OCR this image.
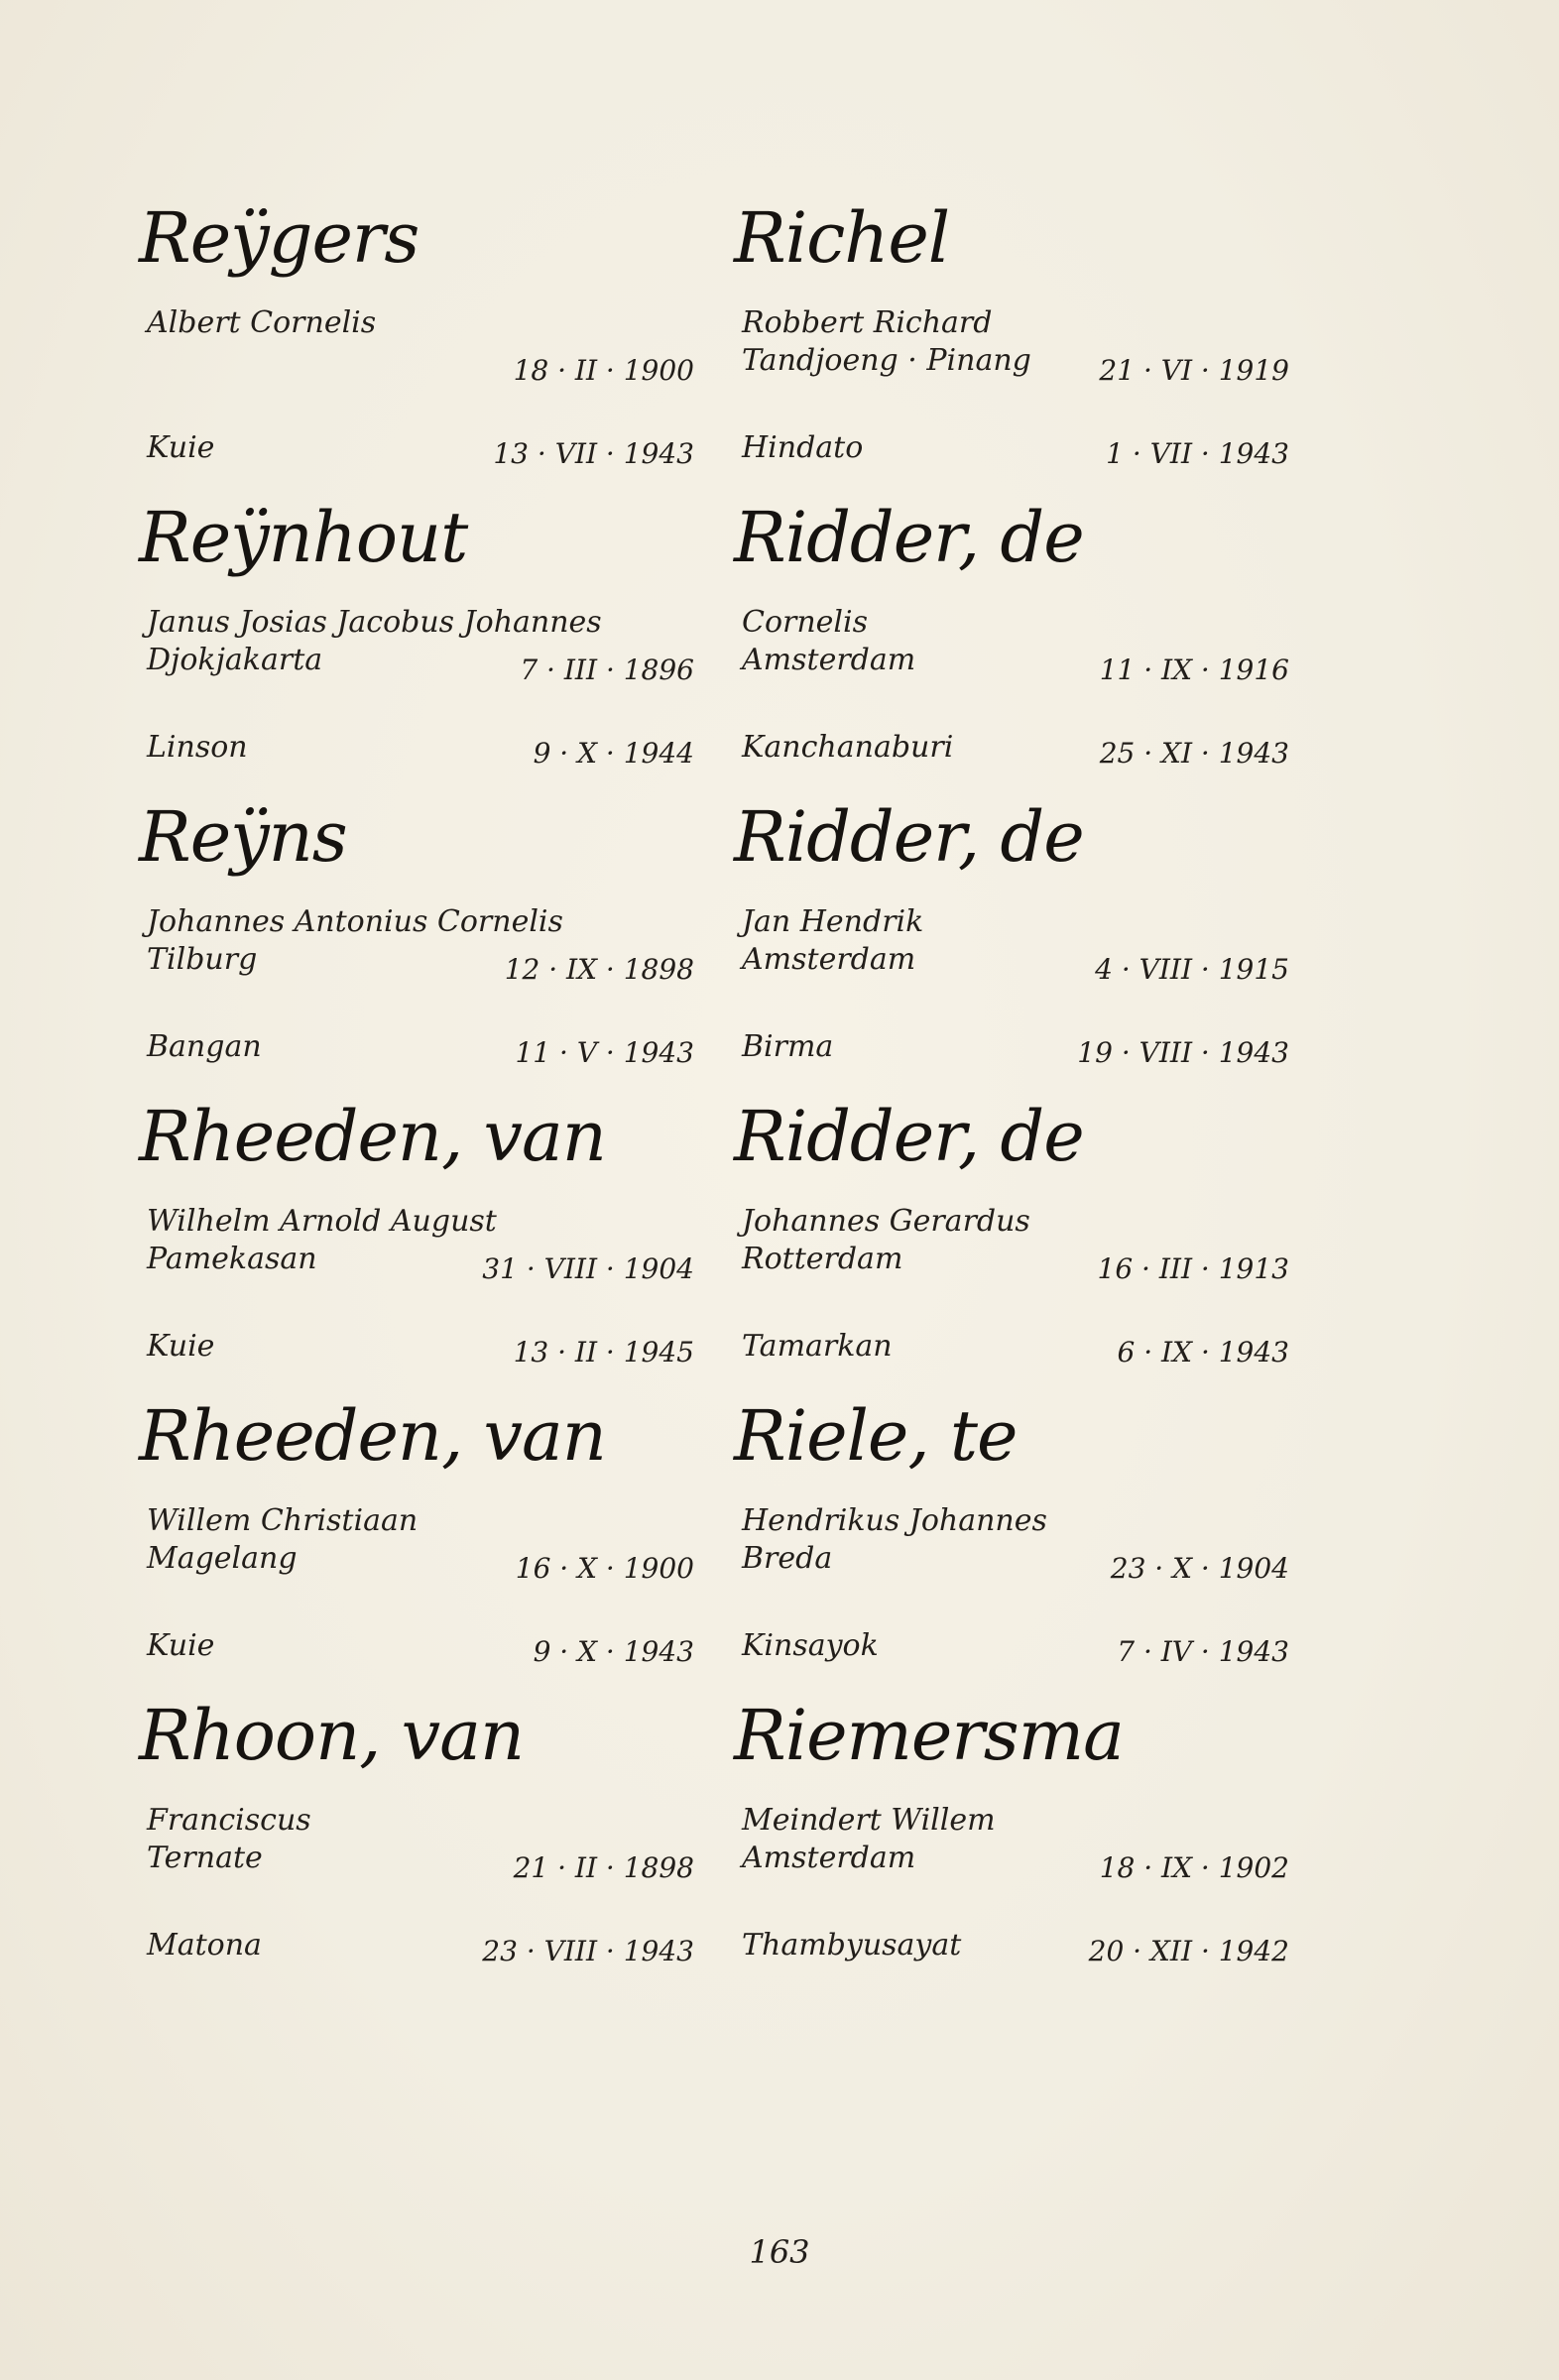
Reÿgers
Albert Cornelis
18 · II · 1900
Kuie	13 · VII · 1943
Reÿnhout
Janus Josias Jacobus Johannes
Djokjakarta	7 · III · 1896
Linson	9 · X · 1944
Reÿns
Johannes Antonius Cornelis
Tilburg	12 · IX · 1898
Bangan	11 · V · 1943
Rheeden, van
Wilhelm Arnold August
Pamekasan	31 · VIII · 1904
Kuie	13 · II · 1945
Rheeden, van
Willem Christiaan
Magelang	16 · X · 1900
Kuie	9 · X · 1943
Rhoon, van
Franciscus
Ternate	21 · II · 1898
Matona	23 · VIII · 1943
Richel
Robbert Richard
Tandjoeng · Pinang 21 · VI · 1919
Hindato	1 · VII · 1943
Ridder, de
Cornelis
Amsterdam	11 · IX · 1916
Kanchanaburi	25 · XI · 1943
Ridder, de
Jan Hendrik
Amsterdam	4 · VIII · 1915
Birma	19 · VIII · 1943
Ridder, de
Johannes Gerardus
Rotterdam	16 · III · 1913
Tamarkan	6 · IX · 1943
Riele, te
Hendrikus Johannes
Breda	23 · X · 1904
Kinsayok	7 · IV · 1943
Riemersma
Meindert Willem
Amsterdam	18 · IX · 1902
Thambyusayat	20 · XII · 1942
163
